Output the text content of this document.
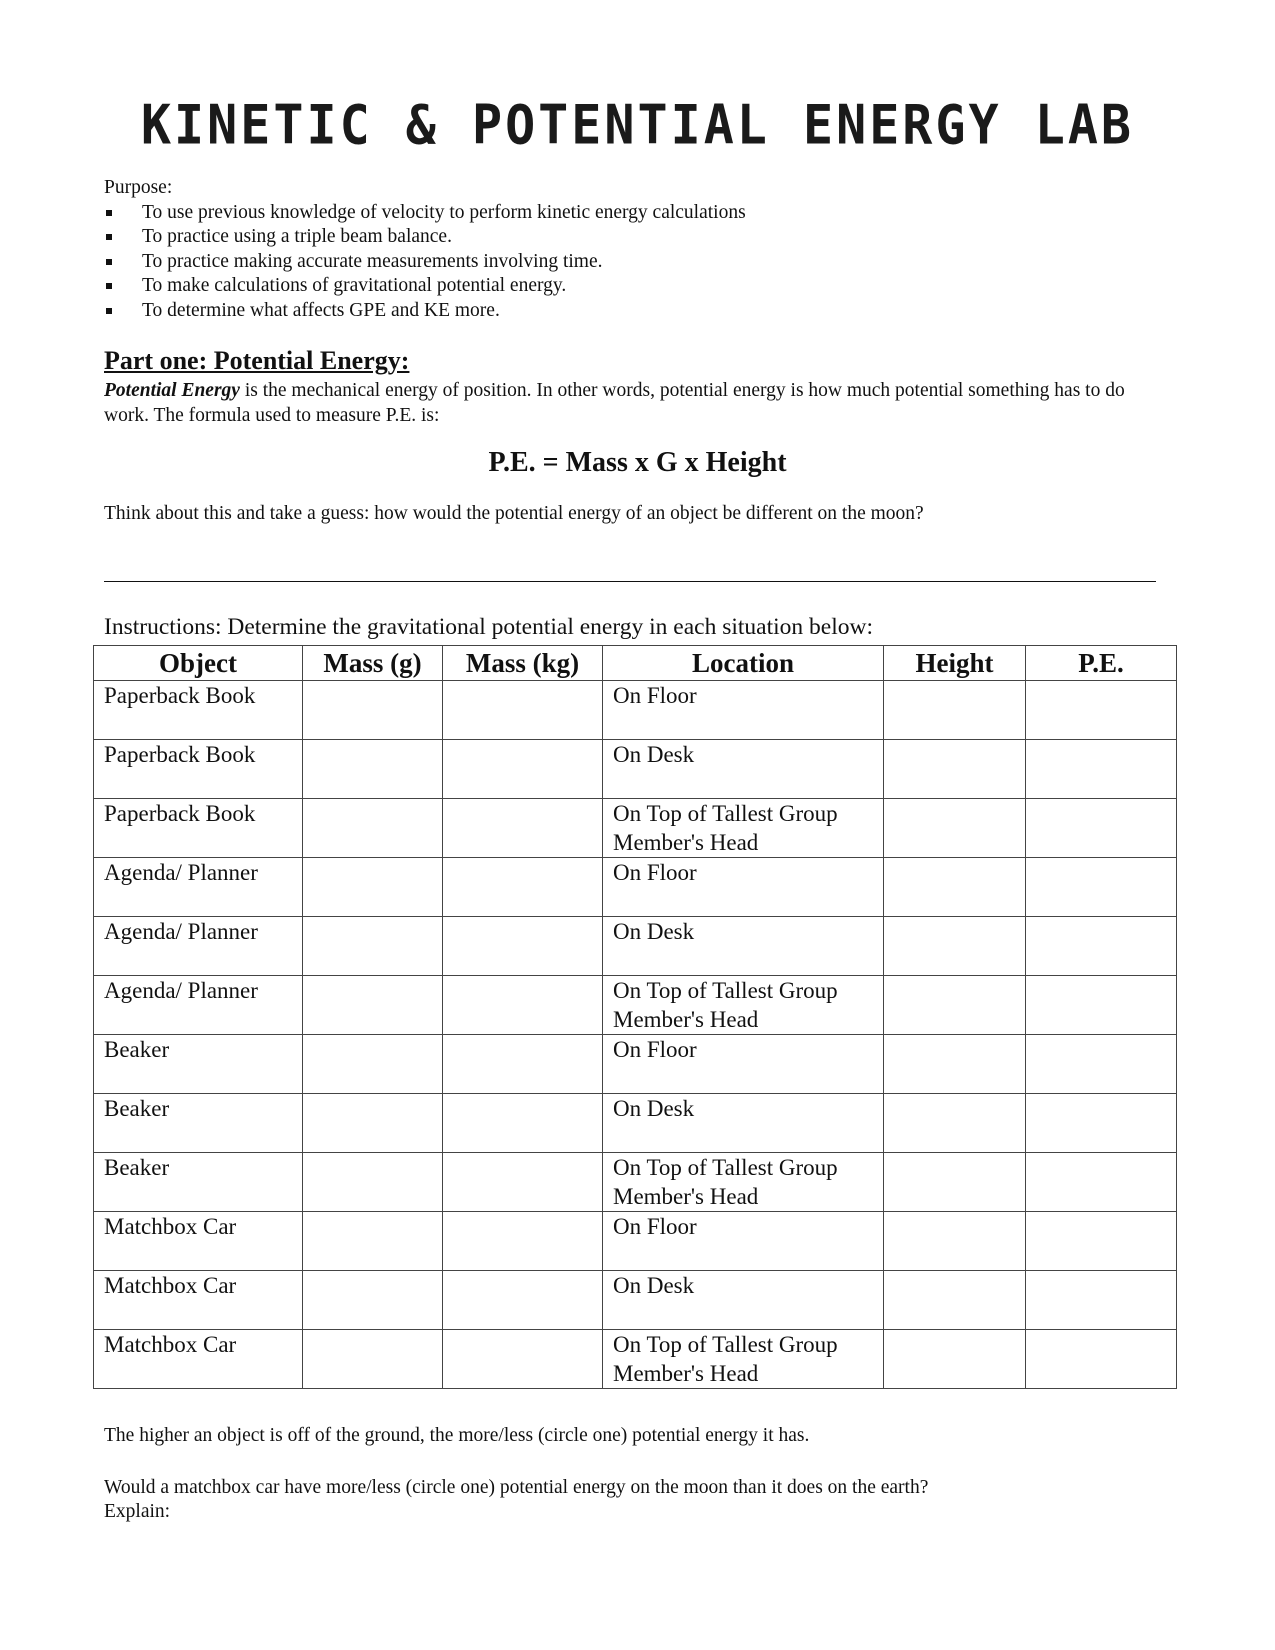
KINETIC & POTENTIAL ENERGY LAB
Purpose:
To use previous knowledge of velocity to perform kinetic energy calculations
To practice using a triple beam balance.
To practice making accurate measurements involving time.
To make calculations of gravitational potential energy.
To determine what affects GPE and KE more.
Part one: Potential Energy:
Potential Energy is the mechanical energy of position. In other words, potential energy is how much potential something has to do work. The formula used to measure P.E. is:
P.E. = Mass x G x Height
Think about this and take a guess: how would the potential energy of an object be different on the moon?
Instructions: Determine the gravitational potential energy in each situation below:
Object	Mass (g)	Mass (kg)	Location	Height	P.E.
Paperback Book			On Floor		
Paperback Book			On Desk		
Paperback Book			On Top of Tallest Group Member's Head		
Agenda/ Planner			On Floor		
Agenda/ Planner			On Desk		
Agenda/ Planner			On Top of Tallest Group Member's Head		
Beaker			On Floor		
Beaker			On Desk		
Beaker			On Top of Tallest Group Member's Head		
Matchbox Car			On Floor		
Matchbox Car			On Desk		
Matchbox Car			On Top of Tallest Group Member's Head		
The higher an object is off of the ground, the more/less (circle one) potential energy it has.
Would a matchbox car have more/less (circle one) potential energy on the moon than it does on the earth?
Explain:
